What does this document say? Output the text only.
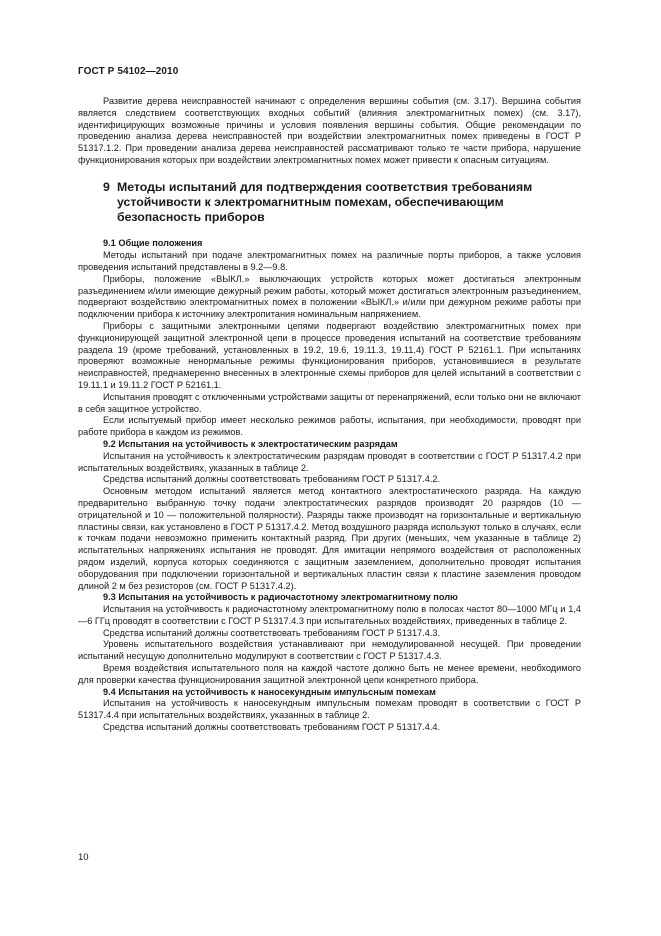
ГОСТ Р 54102—2010

Развитие дерева неисправностей начинают с определения вершины события (см. 3.17). Вершина события является следствием соответствующих входных событий (влияния электромагнитных помех) (см. 3.17), идентифицирующих возможные причины и условия появления вершины события. Общие рекомендации по проведению анализа дерева неисправностей при воздействии электромагнитных помех приведены в ГОСТ Р 51317.1.2. При проведении анализа дерева неисправностей рассматривают только те части прибора, нарушение функционирования которых при воздействии электромагнитных помех может привести к опасным ситуациям.

9 Методы испытаний для подтверждения соответствия требованиям
устойчивости к электромагнитным помехам, обеспечивающим безопасность приборов

9.1 Общие положения

Методы испытаний при подаче электромагнитных помех на различные порты приборов, а также условия проведения испытаний представлены в 9.2—9.8.

Приборы, положение «ВЫКЛ.» выключающих устройств которых может достигаться электронным разъединением и/или имеющие дежурный режим работы, который может достигаться электронным разъединением, подвергают воздействию электромагнитных помех в положении «ВЫКЛ.» и/или при дежурном режиме работы при подключении прибора к источнику электропитания номинальным напряжением.

Приборы с защитными электронными цепями подвергают воздействию электромагнитных помех при функционирующей защитной электронной цепи в процессе проведения испытаний на соответствие требованиям раздела 19 (кроме требований, установленных в 19.2, 19.6, 19.11.3, 19.11.4) ГОСТ Р 52161.1. При испытаниях проверяют возможные ненормальные режимы функционирования приборов, установившиеся в результате неисправностей, преднамеренно внесенных в электронные схемы приборов для целей испытаний в соответствии с 19.11.1 и 19.11.2 ГОСТ Р 52161.1.

Испытания проводят с отключенными устройствами защиты от перенапряжений, если только они не включают в себя защитное устройство.

Если испытуемый прибор имеет несколько режимов работы, испытания, при необходимости, проводят при работе прибора в каждом из режимов.

9.2 Испытания на устойчивость к электростатическим разрядам

Испытания на устойчивость к электростатическим разрядам проводят в соответствии с ГОСТ Р 51317.4.2 при испытательных воздействиях, указанных в таблице 2.

Средства испытаний должны соответствовать требованиям ГОСТ Р 51317.4.2.

Основным методом испытаний является метод контактного электростатического разряда. На каждую предварительно выбранную точку подачи электростатических разрядов производят 20 разрядов (10 — отрицательной и 10 — положительной полярности). Разряды также производят на горизонтальные и вертикальную пластины связи, как установлено в ГОСТ Р 51317.4.2. Метод воздушного разряда используют только в случаях, если к точкам подачи невозможно применить контактный разряд. При других (меньших, чем указанные в таблице 2) испытательных напряжениях испытания не проводят. Для имитации непрямого воздействия от расположенных рядом изделий, корпуса которых соединяются с защитным заземлением, дополнительно проводят испытания оборудования при подключении горизонтальной и вертикальных пластин связи к пластине заземления проводом длиной 2 м без резисторов (см. ГОСТ Р 51317.4.2).

9.3 Испытания на устойчивость к радиочастотному электромагнитному полю

Испытания на устойчивость к радиочастотному электромагнитному полю в полосах частот 80—1000 МГц и 1,4—6 ГГц проводят в соответствии с ГОСТ Р 51317.4.3 при испытательных воздействиях, приведенных в таблице 2.

Средства испытаний должны соответствовать требованиям ГОСТ Р 51317.4.3.

Уровень испытательного воздействия устанавливают при немодулированной несущей. При проведении испытаний несущую дополнительно модулируют в соответствии с ГОСТ Р 51317.4.3.

Время воздействия испытательного поля на каждой частоте должно быть не менее времени, необходимого для проверки качества функционирования защитной электронной цепи конкретного прибора.

9.4 Испытания на устойчивость к наносекундным импульсным помехам

Испытания на устойчивость к наносекундным импульсным помехам проводят в соответствии с ГОСТ Р 51317.4.4 при испытательных воздействиях, указанных в таблице 2.

Средства испытаний должны соответствовать требованиям ГОСТ Р 51317.4.4.

10
